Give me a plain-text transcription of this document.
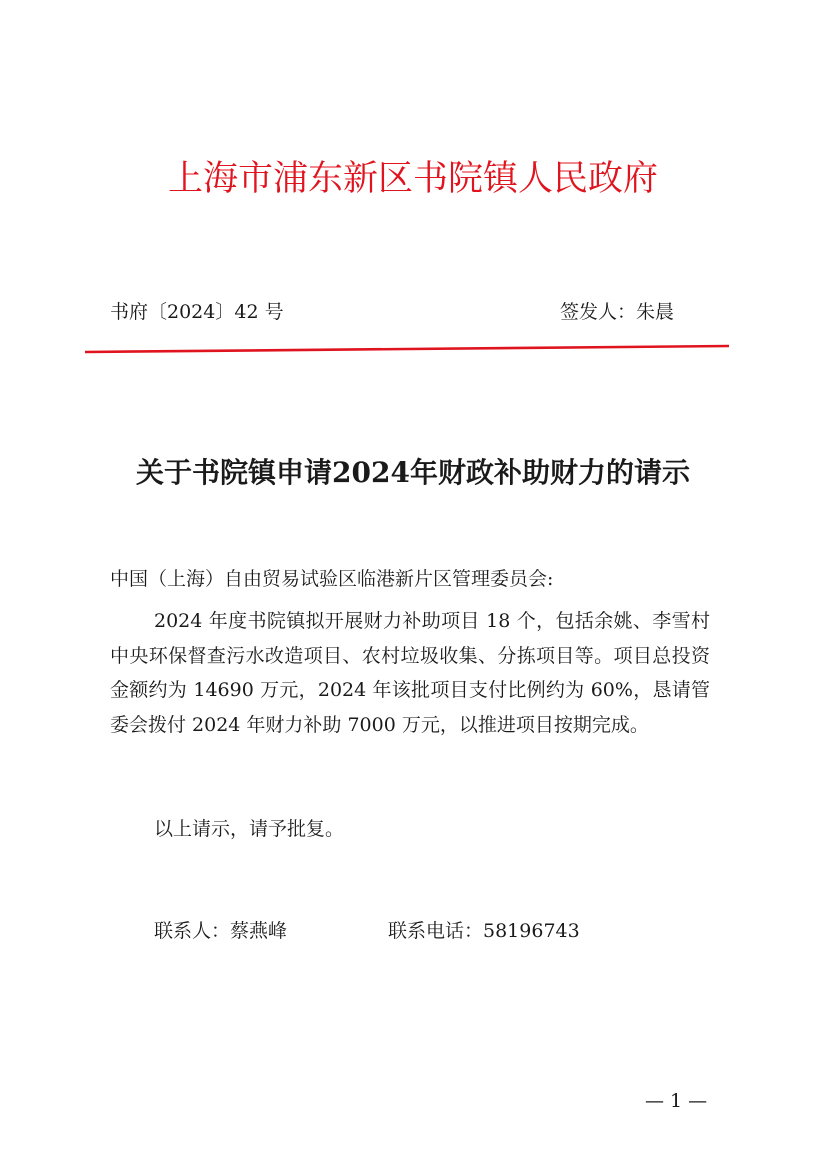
上海市浦东新区书院镇人民政府
书府〔2024〕42 号	签发人：朱晨
关于书院镇申请2024年财政补助财力的请示
中国（上海）自由贸易试验区临港新片区管理委员会:

2024 年度书院镇拟开展财力补助项目 18 个，包括余姚、李雪村中央环保督查污水改造项目、农村垃圾收集、分拣项目等。项目总投资金额约为 14690 万元，2024 年该批项目支付比例约为 60%，恳请管委会拨付 2024 年财力补助 7000 万元，以推进项目按期完成。

以上请示，请予批复。
联系人：蔡燕峰	联系电话：58196743
— 1 —
